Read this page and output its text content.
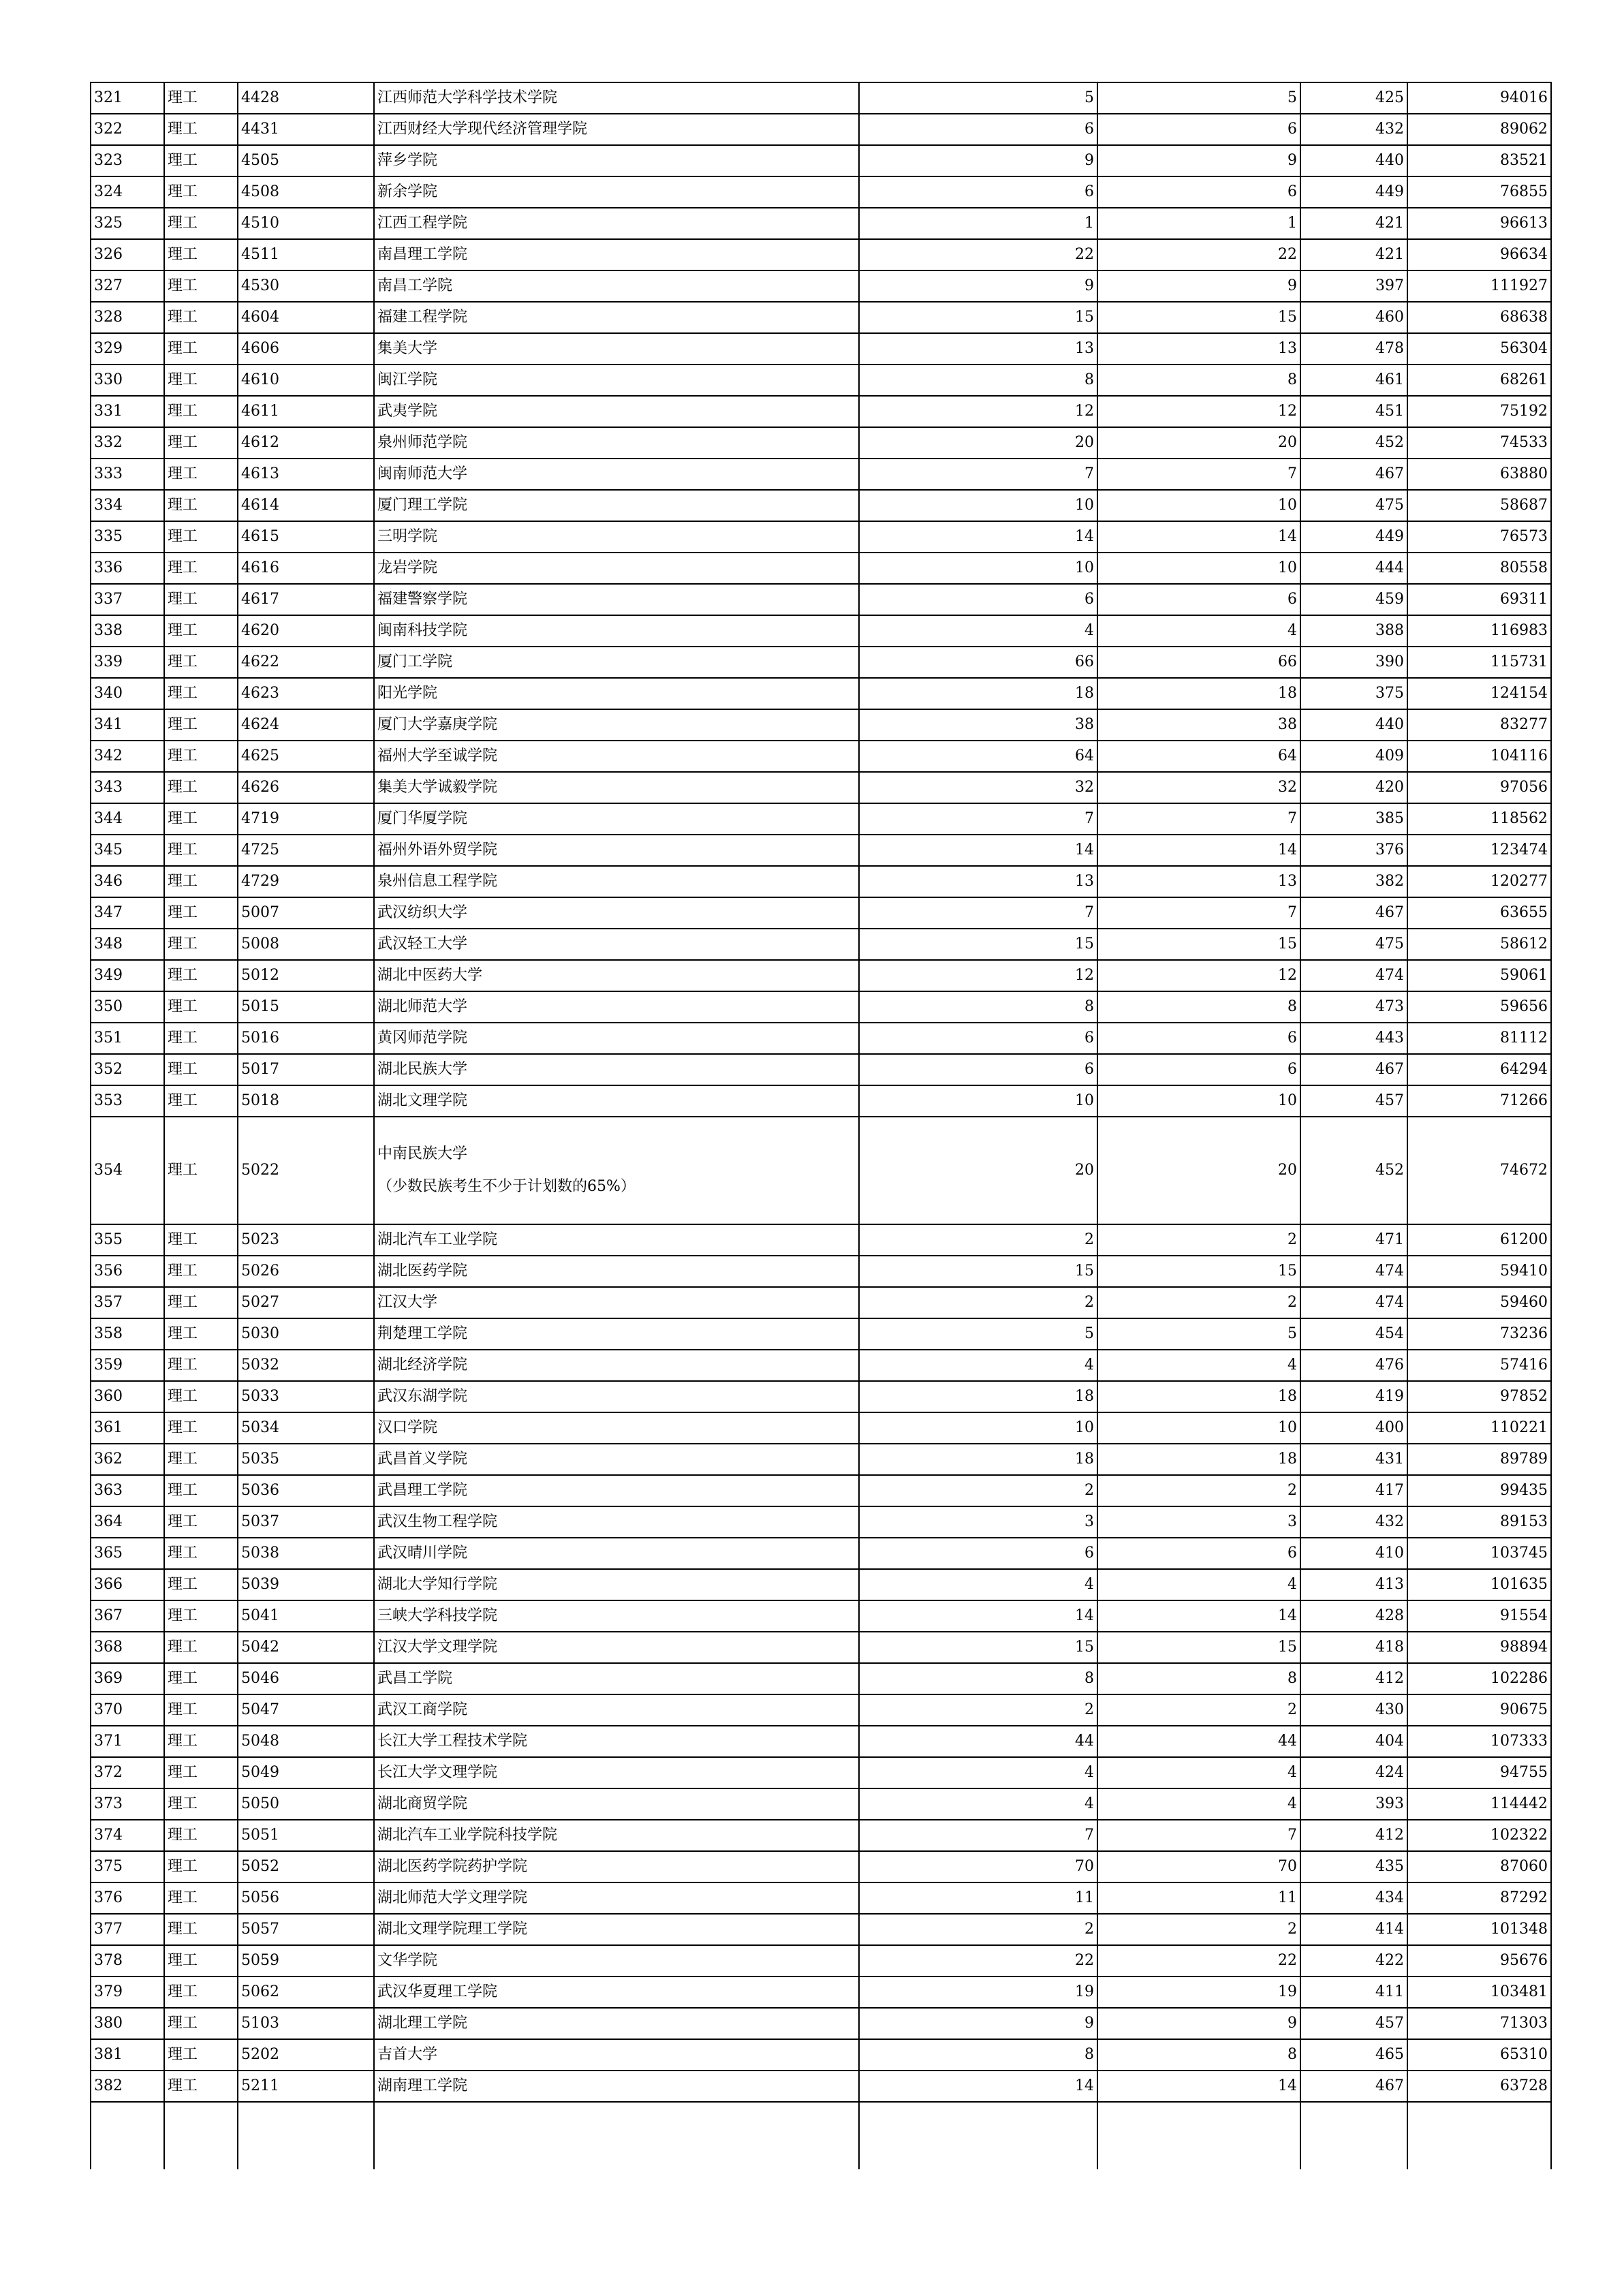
321	理工	4428	江西师范大学科学技术学院	5	5	425	94016
322	理工	4431	江西财经大学现代经济管理学院	6	6	432	89062
323	理工	4505	萍乡学院	9	9	440	83521
324	理工	4508	新余学院	6	6	449	76855
325	理工	4510	江西工程学院	1	1	421	96613
326	理工	4511	南昌理工学院	22	22	421	96634
327	理工	4530	南昌工学院	9	9	397	111927
328	理工	4604	福建工程学院	15	15	460	68638
329	理工	4606	集美大学	13	13	478	56304
330	理工	4610	闽江学院	8	8	461	68261
331	理工	4611	武夷学院	12	12	451	75192
332	理工	4612	泉州师范学院	20	20	452	74533
333	理工	4613	闽南师范大学	7	7	467	63880
334	理工	4614	厦门理工学院	10	10	475	58687
335	理工	4615	三明学院	14	14	449	76573
336	理工	4616	龙岩学院	10	10	444	80558
337	理工	4617	福建警察学院	6	6	459	69311
338	理工	4620	闽南科技学院	4	4	388	116983
339	理工	4622	厦门工学院	66	66	390	115731
340	理工	4623	阳光学院	18	18	375	124154
341	理工	4624	厦门大学嘉庚学院	38	38	440	83277
342	理工	4625	福州大学至诚学院	64	64	409	104116
343	理工	4626	集美大学诚毅学院	32	32	420	97056
344	理工	4719	厦门华厦学院	7	7	385	118562
345	理工	4725	福州外语外贸学院	14	14	376	123474
346	理工	4729	泉州信息工程学院	13	13	382	120277
347	理工	5007	武汉纺织大学	7	7	467	63655
348	理工	5008	武汉轻工大学	15	15	475	58612
349	理工	5012	湖北中医药大学	12	12	474	59061
350	理工	5015	湖北师范大学	8	8	473	59656
351	理工	5016	黄冈师范学院	6	6	443	81112
352	理工	5017	湖北民族大学	6	6	467	64294
353	理工	5018	湖北文理学院	10	10	457	71266
354	理工	5022	中南民族大学
（少数民族考生不少于计划数的65%）	20	20	452	74672
355	理工	5023	湖北汽车工业学院	2	2	471	61200
356	理工	5026	湖北医药学院	15	15	474	59410
357	理工	5027	江汉大学	2	2	474	59460
358	理工	5030	荆楚理工学院	5	5	454	73236
359	理工	5032	湖北经济学院	4	4	476	57416
360	理工	5033	武汉东湖学院	18	18	419	97852
361	理工	5034	汉口学院	10	10	400	110221
362	理工	5035	武昌首义学院	18	18	431	89789
363	理工	5036	武昌理工学院	2	2	417	99435
364	理工	5037	武汉生物工程学院	3	3	432	89153
365	理工	5038	武汉晴川学院	6	6	410	103745
366	理工	5039	湖北大学知行学院	4	4	413	101635
367	理工	5041	三峡大学科技学院	14	14	428	91554
368	理工	5042	江汉大学文理学院	15	15	418	98894
369	理工	5046	武昌工学院	8	8	412	102286
370	理工	5047	武汉工商学院	2	2	430	90675
371	理工	5048	长江大学工程技术学院	44	44	404	107333
372	理工	5049	长江大学文理学院	4	4	424	94755
373	理工	5050	湖北商贸学院	4	4	393	114442
374	理工	5051	湖北汽车工业学院科技学院	7	7	412	102322
375	理工	5052	湖北医药学院药护学院	70	70	435	87060
376	理工	5056	湖北师范大学文理学院	11	11	434	87292
377	理工	5057	湖北文理学院理工学院	2	2	414	101348
378	理工	5059	文华学院	22	22	422	95676
379	理工	5062	武汉华夏理工学院	19	19	411	103481
380	理工	5103	湖北理工学院	9	9	457	71303
381	理工	5202	吉首大学	8	8	465	65310
382	理工	5211	湖南理工学院	14	14	467	63728
